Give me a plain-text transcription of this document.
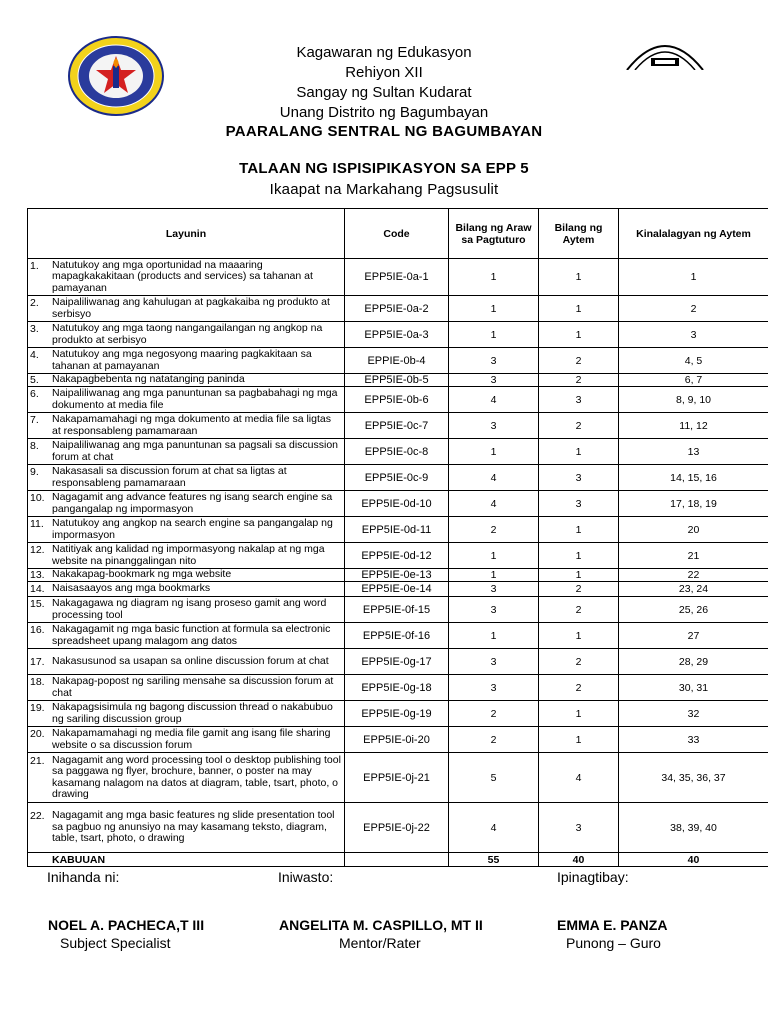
Kagawaran ng Edukasyon
Rehiyon XII
Sangay ng Sultan Kudarat
Unang Distrito ng Bagumbayan
PAARALANG SENTRAL NG BAGUMBAYAN
TALAAN NG ISPISIPIKASYON SA EPP 5
Ikaapat na Markahang Pagsusulit
Layunin	Code	Bilang ng Araw sa Pagtuturo	Bilang ng Aytem	Kinalalagyan ng Aytem
1. Natutukoy ang mga oportunidad na maaaring mapagkakakitaan (products and services) sa tahanan at pamayanan	EPP5IE-0a-1	1	1	1
2. Naipaliliwanag ang kahulugan at pagkakaiba ng produkto at serbisyo	EPP5IE-0a-2	1	1	2
3. Natutukoy ang mga taong nangangailangan ng angkop na produkto at serbisyo	EPP5IE-0a-3	1	1	3
4. Natutukoy ang mga negosyong maaring pagkakitaan sa tahanan at pamayanan	EPPIE-0b-4	3	2	4, 5
5. Nakapagbebenta ng natatanging paninda	EPP5IE-0b-5	3	2	6, 7
6. Naipaliliwanag ang mga panuntunan sa pagbabahagi ng mga dokumento at media file	EPP5IE-0b-6	4	3	8, 9, 10
7. Nakapamamahagi ng mga dokumento at media file sa ligtas at responsableng pamamaraan	EPP5IE-0c-7	3	2	11, 12
8. Naipaliliwanag ang mga panuntunan sa pagsali sa discussion forum at chat	EPP5IE-0c-8	1	1	13
9. Nakasasali sa discussion forum at chat sa ligtas at responsableng pamamaraan	EPP5IE-0c-9	4	3	14, 15, 16
10. Nagagamit ang advance features ng isang search engine sa pangangalap ng impormasyon	EPP5IE-0d-10	4	3	17, 18, 19
11. Natutukoy ang angkop na search engine sa pangangalap ng impormasyon	EPP5IE-0d-11	2	1	20
12. Natitiyak ang kalidad ng impormasyong nakalap at ng mga website na pinanggalingan nito	EPP5IE-0d-12	1	1	21
13. Nakakapag-bookmark ng mga website	EPP5IE-0e-13	1	1	22
14. Naisasaayos ang mga bookmarks	EPP5IE-0e-14	3	2	23, 24
15. Nakagagawa ng diagram ng isang proseso gamit ang word processing tool	EPP5IE-0f-15	3	2	25, 26
16. Nakagagamit ng mga basic function at formula sa electronic spreadsheet upang malagom ang datos	EPP5IE-0f-16	1	1	27
17. Nakasusunod sa usapan sa online discussion forum at chat	EPP5IE-0g-17	3	2	28, 29
18. Nakapag-popost ng sariling mensahe sa discussion forum at chat	EPP5IE-0g-18	3	2	30, 31
19. Nakapagsisimula ng bagong discussion thread o nakabubuo ng sariling discussion group	EPP5IE-0g-19	2	1	32
20. Nakapamamahagi ng media file gamit ang isang file sharing website o sa discussion forum	EPP5IE-0i-20	2	1	33
21. Nagagamit ang word processing tool o desktop publishing tool sa paggawa ng flyer, brochure, banner, o poster na may kasamang nalagom na datos at diagram, table, tsart, photo, o drawing	EPP5IE-0j-21	5	4	34, 35, 36, 37
22. Nagagamit ang mga basic features ng slide presentation tool sa pagbuo ng anunsiyo na may kasamang teksto, diagram, table, tsart, photo, o drawing	EPP5IE-0j-22	4	3	38, 39, 40
KABUUAN		55	40	40
Inihanda ni:	Iniwasto:	Ipinagtibay:
NOEL A. PACHECA,T III
Subject Specialist
ANGELITA M. CASPILLO, MT II
Mentor/Rater
EMMA E. PANZA
Punong – Guro
